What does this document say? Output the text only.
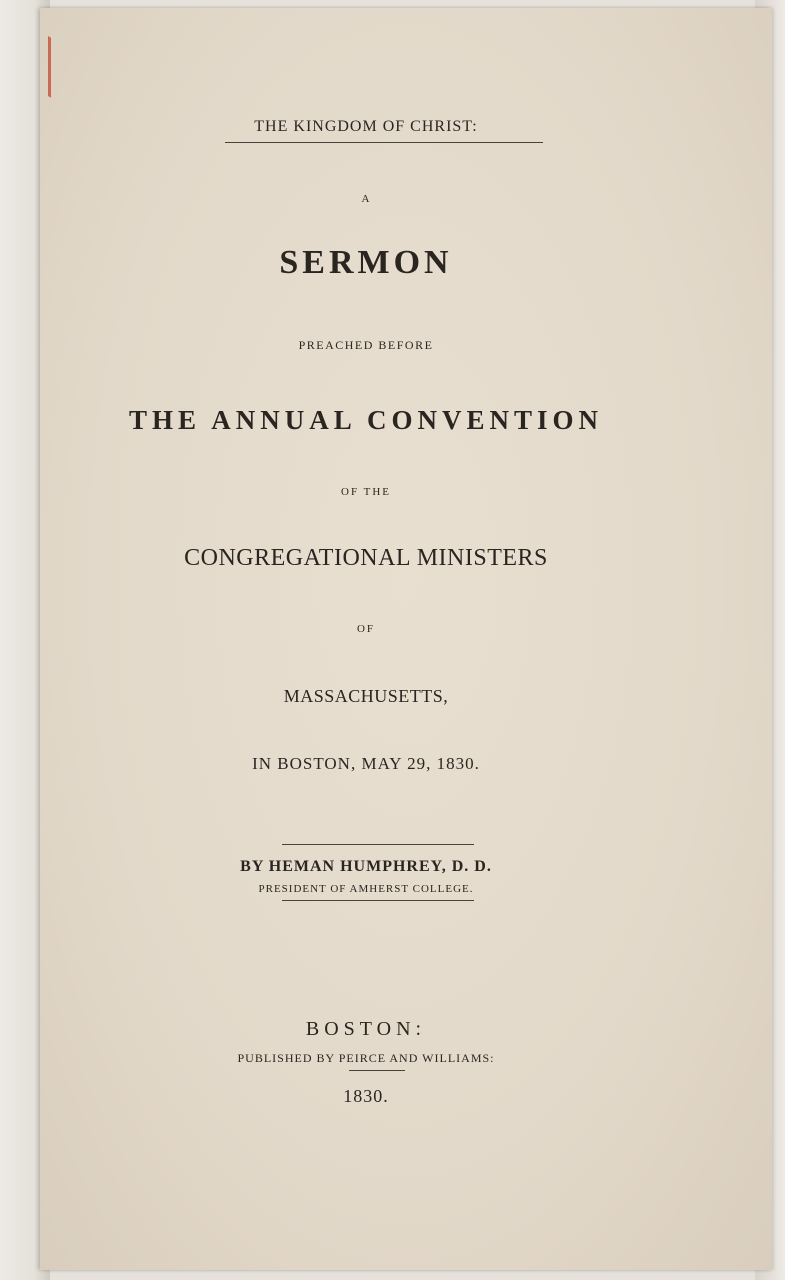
THE KINGDOM OF CHRIST:
A
SERMON
PREACHED BEFORE
THE ANNUAL CONVENTION
OF THE
CONGREGATIONAL MINISTERS
OF
MASSACHUSETTS,
IN BOSTON, MAY 29, 1830.
BY HEMAN HUMPHREY, D. D.
PRESIDENT OF AMHERST COLLEGE.
BOSTON:
PUBLISHED BY PEIRCE AND WILLIAMS:
1830.
